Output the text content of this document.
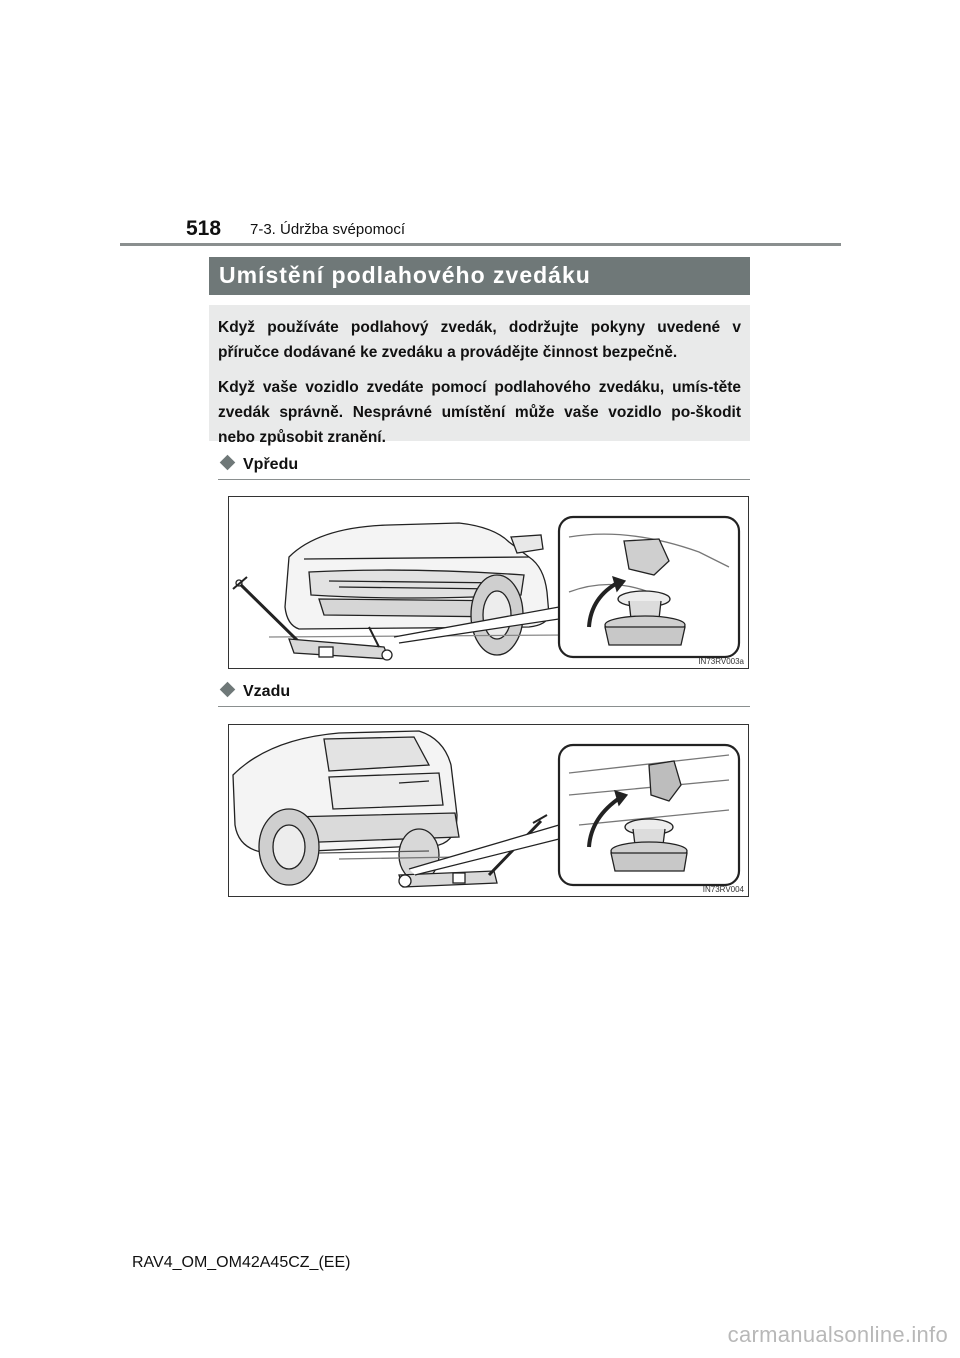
518 7-3. Údržba svépomocí
Umístění podlahového zvedáku

Když používáte podlahový zvedák, dodržujte pokyny uvedené v příručce dodávané ke zvedáku a provádějte činnost bezpečně.

Když vaše vozidlo zvedáte pomocí podlahového zvedáku, umís-těte zvedák správně. Nesprávné umístění může vaše vozidlo po-škodit nebo způsobit zranění.

Vpředu
IN73RV003a
Vzadu
IN73RV004
RAV4_OM_OM42A45CZ_(EE)
carmanualsonline.info
